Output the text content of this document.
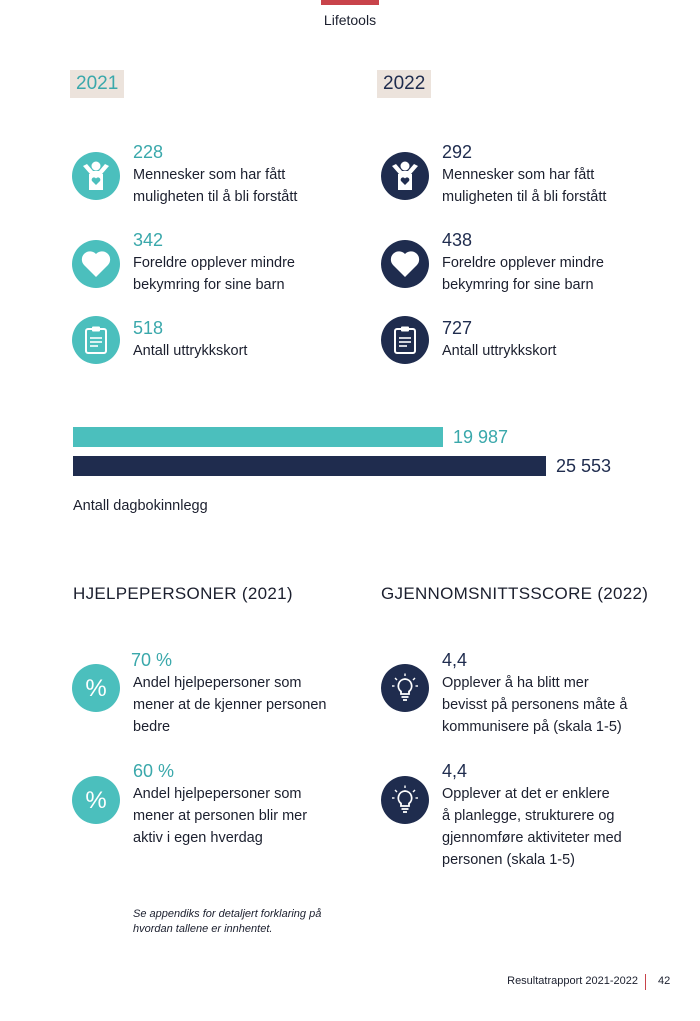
Lifetools
2021	2022
228
Mennesker som har fått
muligheten til å bli forstått
342
Foreldre opplever mindre
bekymring for sine barn
518
Antall uttrykkskort
292
Mennesker som har fått
muligheten til å bli forstått
438
Foreldre opplever mindre
bekymring for sine barn
727
Antall uttrykkskort
19 987
25 553
Antall dagbokinnlegg
HJELPEPERSONER (2021)	GJENNOMSNITTSSCORE (2022)
%
70 %
Andel hjelpepersoner som
mener at de kjenner personen
bedre
%
60 %
Andel hjelpepersoner som
mener at personen blir mer
aktiv i egen hverdag
4,4
Opplever å ha blitt mer
bevisst på personens måte å
kommunisere på (skala 1-5)
4,4
Opplever at det er enklere
å planlegge, strukturere og
gjennomføre aktiviteter med
personen (skala 1-5)
Se appendiks for detaljert forklaring på
hvordan tallene er innhentet.
Resultatrapport 2021-2022 42
